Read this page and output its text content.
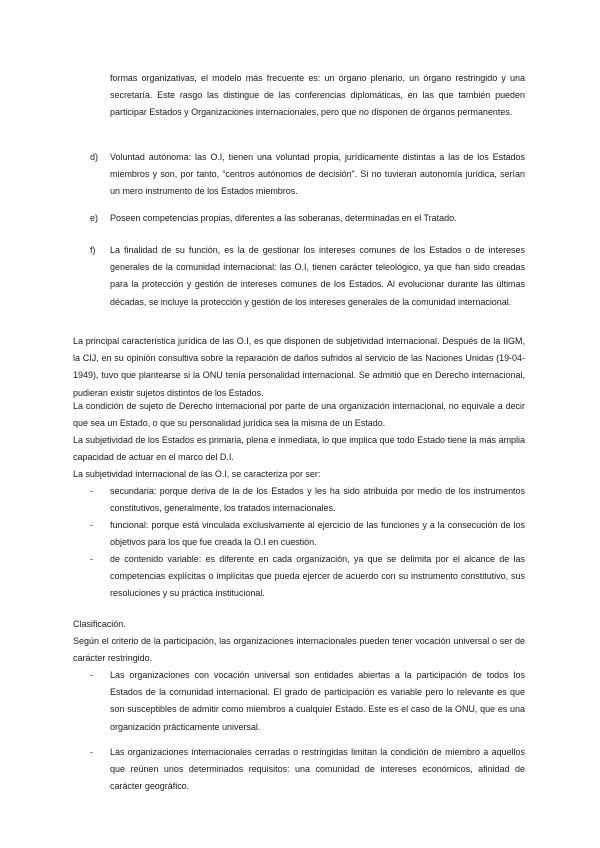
formas organizativas, el modelo más frecuente es: un órgano plenario, un órgano restringido y una secretaría. Este rasgo las distingue de las conferencias diplomáticas, en las que también pueden participar Estados y Organizaciones internacionales, pero que no disponen de órganos permanentes.

d) Voluntad autónoma: las O.I, tienen una voluntad propia, jurídicamente distintas a las de los Estados miembros y son, por tanto, “centros autónomos de decisión”. Si no tuvieran autonomía jurídica, serían un mero instrumento de los Estados miembros.

e) Poseen competencias propias, diferentes a las soberanas, determinadas en el Tratado.

f) La finalidad de su función, es la de gestionar los intereses comunes de los Estados o de intereses generales de la comunidad internacional: las O.I, tienen carácter teleológico, ya que han sido creadas para la protección y gestión de intereses comunes de los Estados. Al evolucionar durante las últimas décadas, se incluye la protección y gestión de los intereses generales de la comunidad internacional.

La principal característica jurídica de las O.I, es que disponen de subjetividad internacional. Después de la IIGM, la CIJ, en su opinión consultiva sobre la reparación de daños sufridos al servicio de las Naciones Unidas (19-04-1949), tuvo que plantearse si la ONU tenía personalidad internacional. Se admitió que en Derecho internacional, pudieran existir sujetos distintos de los Estados.

La condición de sujeto de Derecho internacional por parte de una organización internacional, no equivale a decir que sea un Estado, o que su personalidad jurídica sea la misma de un Estado.

La subjetividad de los Estados es primaria, plena e inmediata, lo que implica que todo Estado tiene la más amplia capacidad de actuar en el marco del D.I.

La subjetividad internacional de las O.I, se caracteriza por ser:

- secundaria: porque deriva de la de los Estados y les ha sido atribuida por medio de los instrumentos constitutivos, generalmente, los tratados internacionales.

- funcional: porque está vinculada exclusivamente al ejercicio de las funciones y a la consecución de los objetivos para los que fue creada la O.I en cuestión.

- de contenido variable: es diferente en cada organización, ya que se delimita por el alcance de las competencias explícitas o implícitas que pueda ejercer de acuerdo con su instrumento constitutivo, sus resoluciones y su práctica institucional.

Clasificación.

Según el criterio de la participación, las organizaciones internacionales pueden tener vocación universal o ser de carácter restringido.

- Las organizaciones con vocación universal son entidades abiertas a la participación de todos los Estados de la comunidad internacional. El grado de participación es variable pero lo relevante es que son susceptibles de admitir como miembros a cualquier Estado. Este es el caso de la ONU, que es una organización prácticamente universal.

- Las organizaciones internacionales cerradas o restringidas limitan la condición de miembro a aquellos que reúnen unos determinados requisitos: una comunidad de intereses económicos, afinidad de carácter geográfico.
